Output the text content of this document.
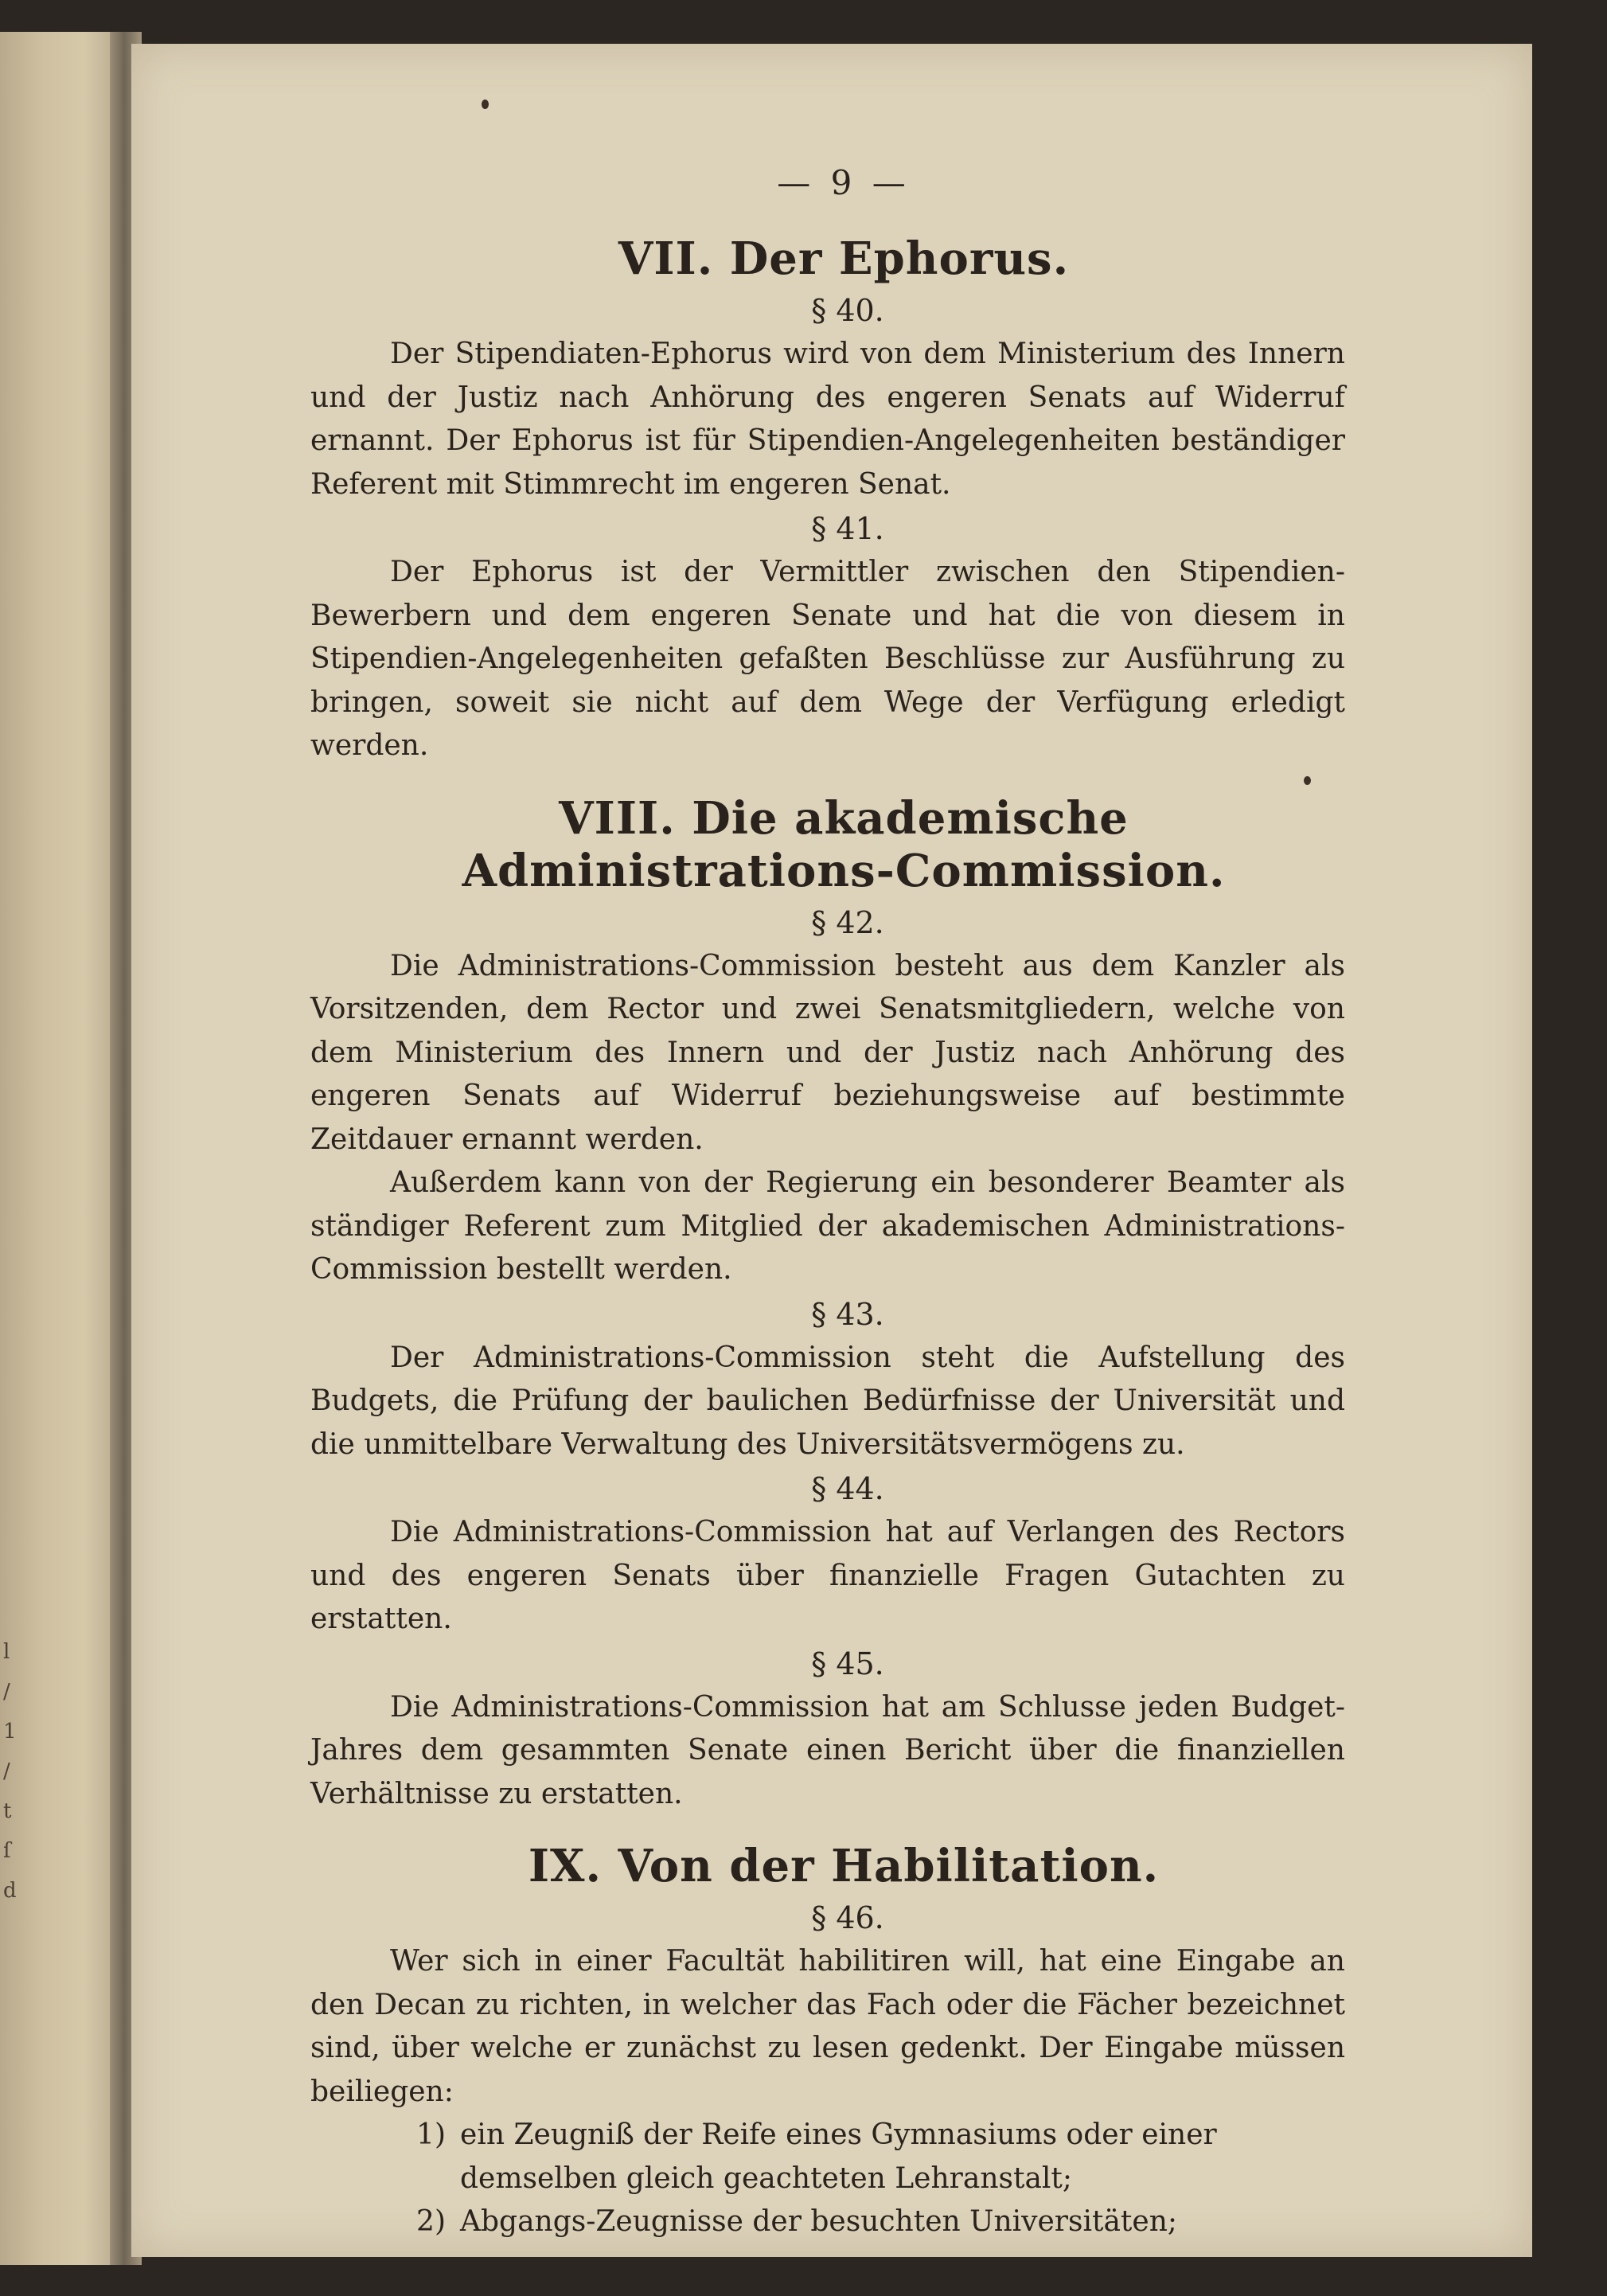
l
/
1
/
t
ſ
d
— 9 —
VII. Der Ephorus.
§ 40.

Der Stipendiaten-Ephorus wird von dem Ministerium des Innern und der Justiz nach Anhörung des engeren Senats auf Widerruf ernannt. Der Ephorus ist für Stipendien-Angelegenheiten beständiger Referent mit Stimmrecht im engeren Senat.

§ 41.

Der Ephorus ist der Vermittler zwischen den Stipendien-Bewerbern und dem engeren Senate und hat die von diesem in Stipendien-Angelegenheiten gefaßten Beschlüsse zur Ausführung zu bringen, soweit sie nicht auf dem Wege der Verfügung erledigt werden.

VIII. Die akademische Administrations-Commission.
§ 42.

Die Administrations-Commission besteht aus dem Kanzler als Vorsitzenden, dem Rector und zwei Senatsmitgliedern, welche von dem Ministerium des Innern und der Justiz nach Anhörung des engeren Senats auf Widerruf beziehungsweise auf bestimmte Zeitdauer ernannt werden.

Außerdem kann von der Regierung ein besonderer Beamter als ständiger Referent zum Mitglied der akademischen Administrations-Commission bestellt werden.

§ 43.

Der Administrations-Commission steht die Aufstellung des Budgets, die Prüfung der baulichen Bedürfnisse der Universität und die unmittelbare Verwaltung des Universitätsvermögens zu.

§ 44.

Die Administrations-Commission hat auf Verlangen des Rectors und des engeren Senats über finanzielle Fragen Gutachten zu erstatten.

§ 45.

Die Administrations-Commission hat am Schlusse jeden Budget-Jahres dem gesammten Senate einen Bericht über die finanziellen Verhältnisse zu erstatten.

IX. Von der Habilitation.
§ 46.

Wer sich in einer Facultät habilitiren will, hat eine Eingabe an den Decan zu richten, in welcher das Fach oder die Fächer bezeichnet sind, über welche er zunächst zu lesen gedenkt. Der Eingabe müssen beiliegen:

1) ein Zeugniß der Reife eines Gymnasiums oder einer demselben gleich geachteten Lehranstalt;
2) Abgangs-Zeugnisse der besuchten Universitäten;
